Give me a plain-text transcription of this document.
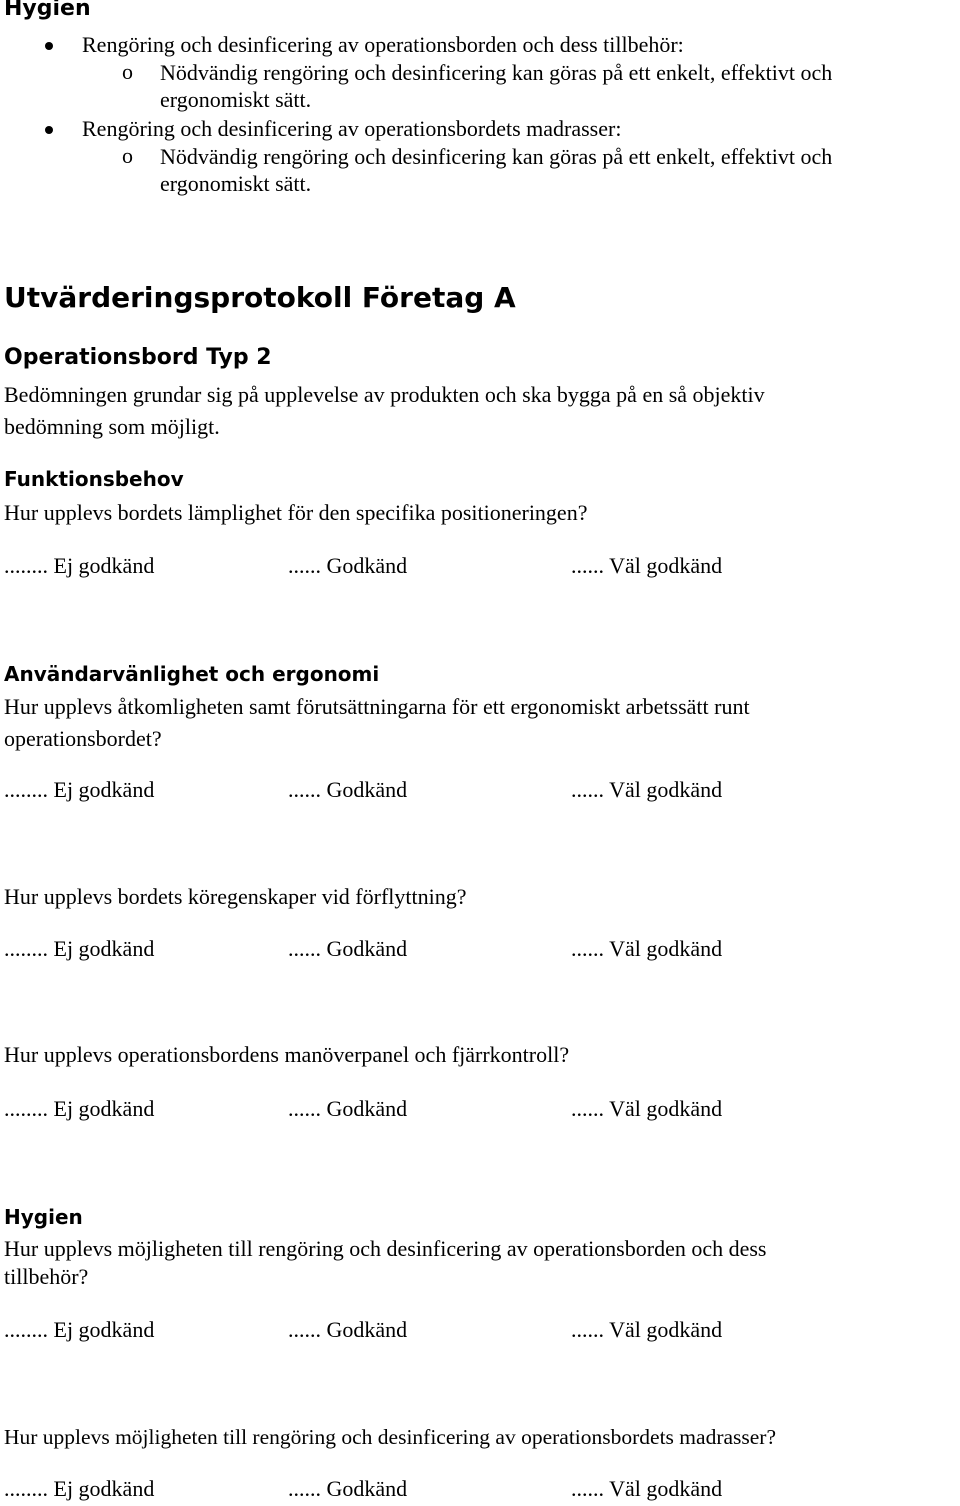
Hygien
Rengöring och desinficering av operationsborden och dess tillbehör:
o Nödvändig rengöring och desinficering kan göras på ett enkelt, effektivt och
ergonomiskt sätt.
Rengöring och desinficering av operationsbordets madrasser:
o Nödvändig rengöring och desinficering kan göras på ett enkelt, effektivt och
ergonomiskt sätt.
Utvärderingsprotokoll Företag A
Operationsbord Typ 2
Bedömningen grundar sig på upplevelse av produkten och ska bygga på en så objektiv
bedömning som möjligt.
Funktionsbehov
Hur upplevs bordets lämplighet för den specifika positioneringen?
........ Ej godkänd	...... Godkänd	...... Väl godkänd
Användarvänlighet och ergonomi
Hur upplevs åtkomligheten samt förutsättningarna för ett ergonomiskt arbetssätt runt
operationsbordet?
........ Ej godkänd	...... Godkänd	...... Väl godkänd
Hur upplevs bordets köregenskaper vid förflyttning?
........ Ej godkänd	...... Godkänd	...... Väl godkänd
Hur upplevs operationsbordens manöverpanel och fjärrkontroll?
........ Ej godkänd	...... Godkänd	...... Väl godkänd
Hygien
Hur upplevs möjligheten till rengöring och desinficering av operationsborden och dess
tillbehör?
........ Ej godkänd	...... Godkänd	...... Väl godkänd
Hur upplevs möjligheten till rengöring och desinficering av operationsbordets madrasser?
........ Ej godkänd	...... Godkänd	...... Väl godkänd
